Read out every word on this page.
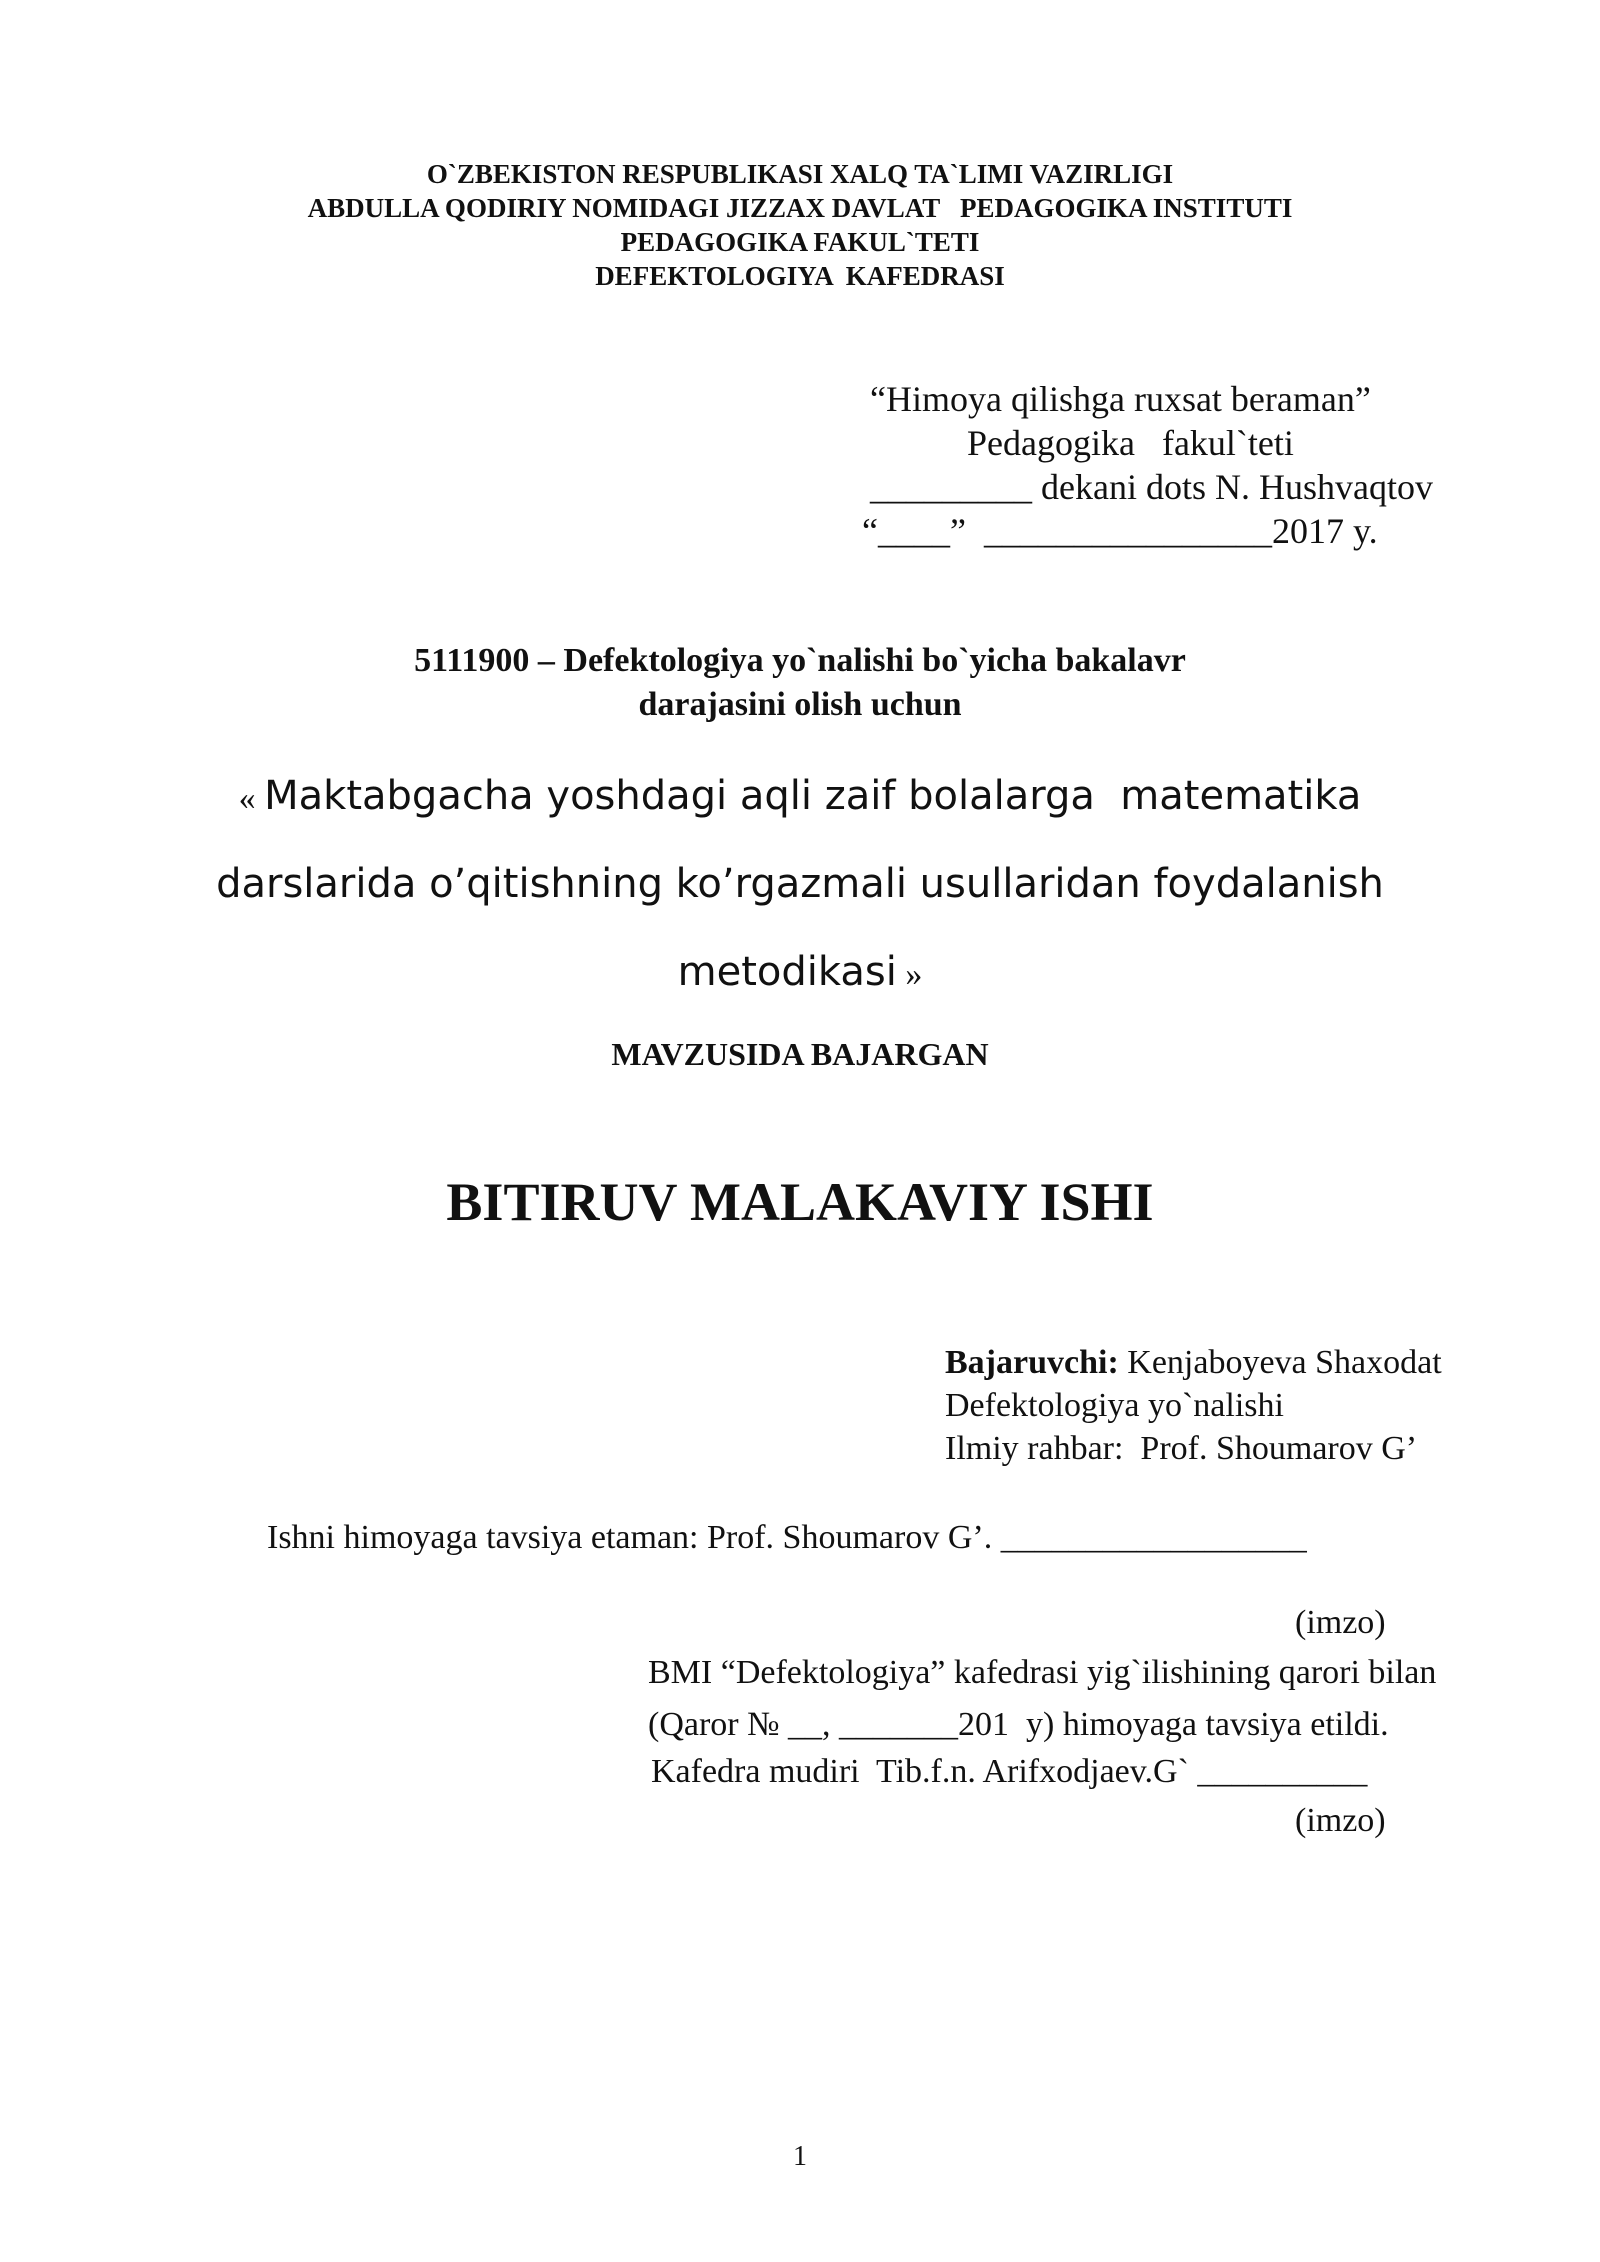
O`ZBEKISTON RESPUBLIKASI XALQ TA`LIMI VAZIRLIGI
ABDULLA QODIRIY NOMIDAGI JIZZAX DAVLAT   PEDAGOGIKA INSTITUTI
PEDAGOGIKA FAKUL`TETI
DEFEKTOLOGIYA  KAFEDRASI
“Himoya qilishga ruxsat beraman”
Pedagogika   fakul`teti
_________ dekani dots N. Hushvaqtov
“____”  ________________2017 y.
5111900 – Defektologiya yo`nalishi bo`yicha bakalavr
darajasini olish uchun
« Maktabgacha yoshdagi aqli zaif bolalarga  matematika
darslarida o’qitishning ko’rgazmali usullaridan foydalanish
metodikasi »
MAVZUSIDA BAJARGAN
BITIRUV MALAKAVIY ISHI
Bajaruvchi: Kenjaboyeva Shaxodat
Defektologiya yo`nalishi
Ilmiy rahbar:  Prof. Shoumarov G’
Ishni himoyaga tavsiya etaman: Prof. Shoumarov G’. __________________
(imzo)
BMI “Defektologiya” kafedrasi yig`ilishining qarori bilan
(Qaror № __, _______201  y) himoyaga tavsiya etildi.
Kafedra mudiri  Tib.f.n. Arifxodjaev.G` __________
(imzo)
1
